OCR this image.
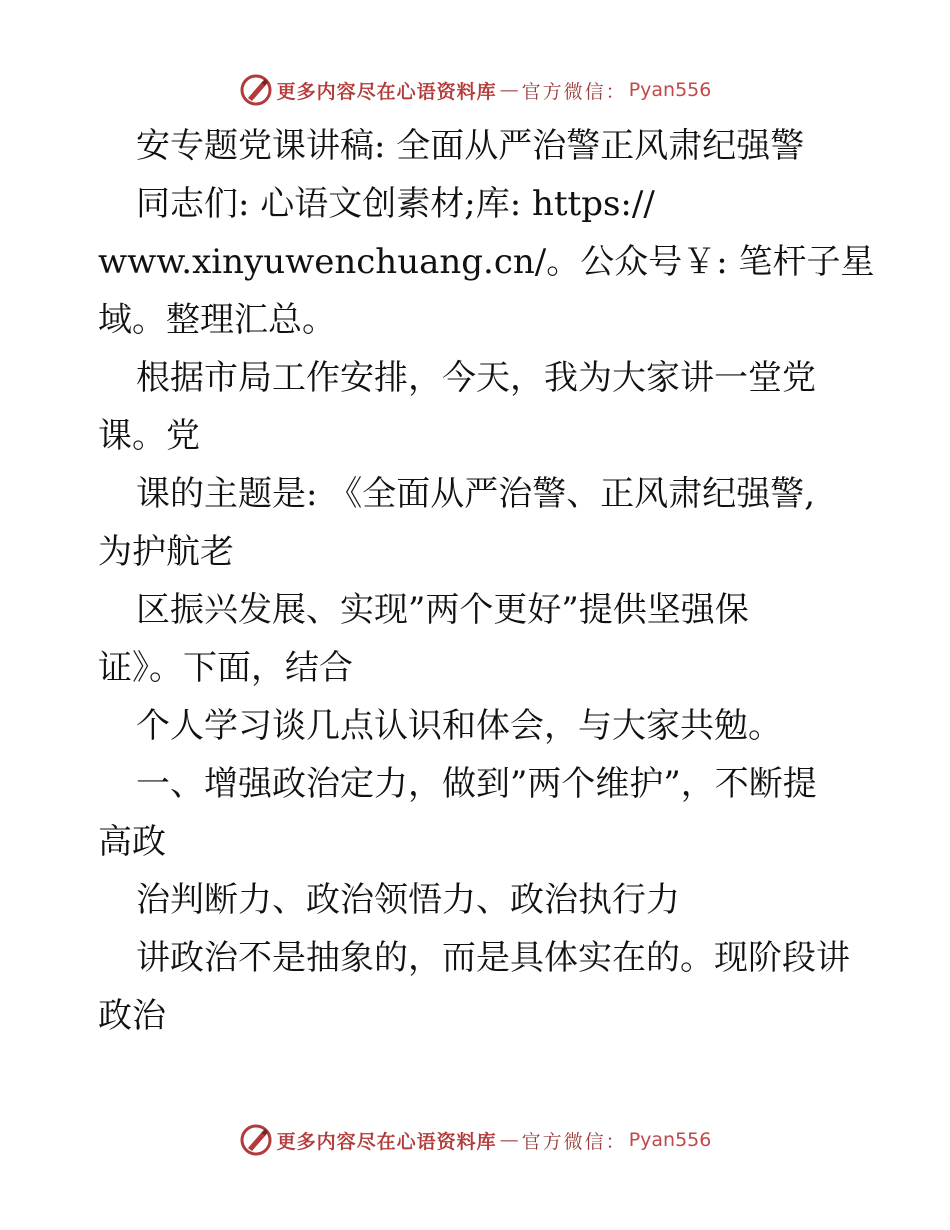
更多内容尽在心语资料库 — 官方微信： Pyan556
安专题党课讲稿: 全面从严治警正风肃纪强警
同志们: 心语文创素材;库: https://
www.xinyuwenchuang.cn/。公众号￥: 笔杆子星
域。整理汇总。
根据市局工作安排，今天，我为大家讲一堂党
课。党
课的主题是: 《全面从严治警、正风肃纪强警,
为护航老
区振兴发展、实现”两个更好”提供坚强保
证》。下面，结合
个人学习谈几点认识和体会，与大家共勉。
一、增强政治定力，做到”两个维护”，不断提
高政
治判断力、政治领悟力、政治执行力
讲政治不是抽象的，而是具体实在的。现阶段讲
政治
更多内容尽在心语资料库 — 官方微信： Pyan556
